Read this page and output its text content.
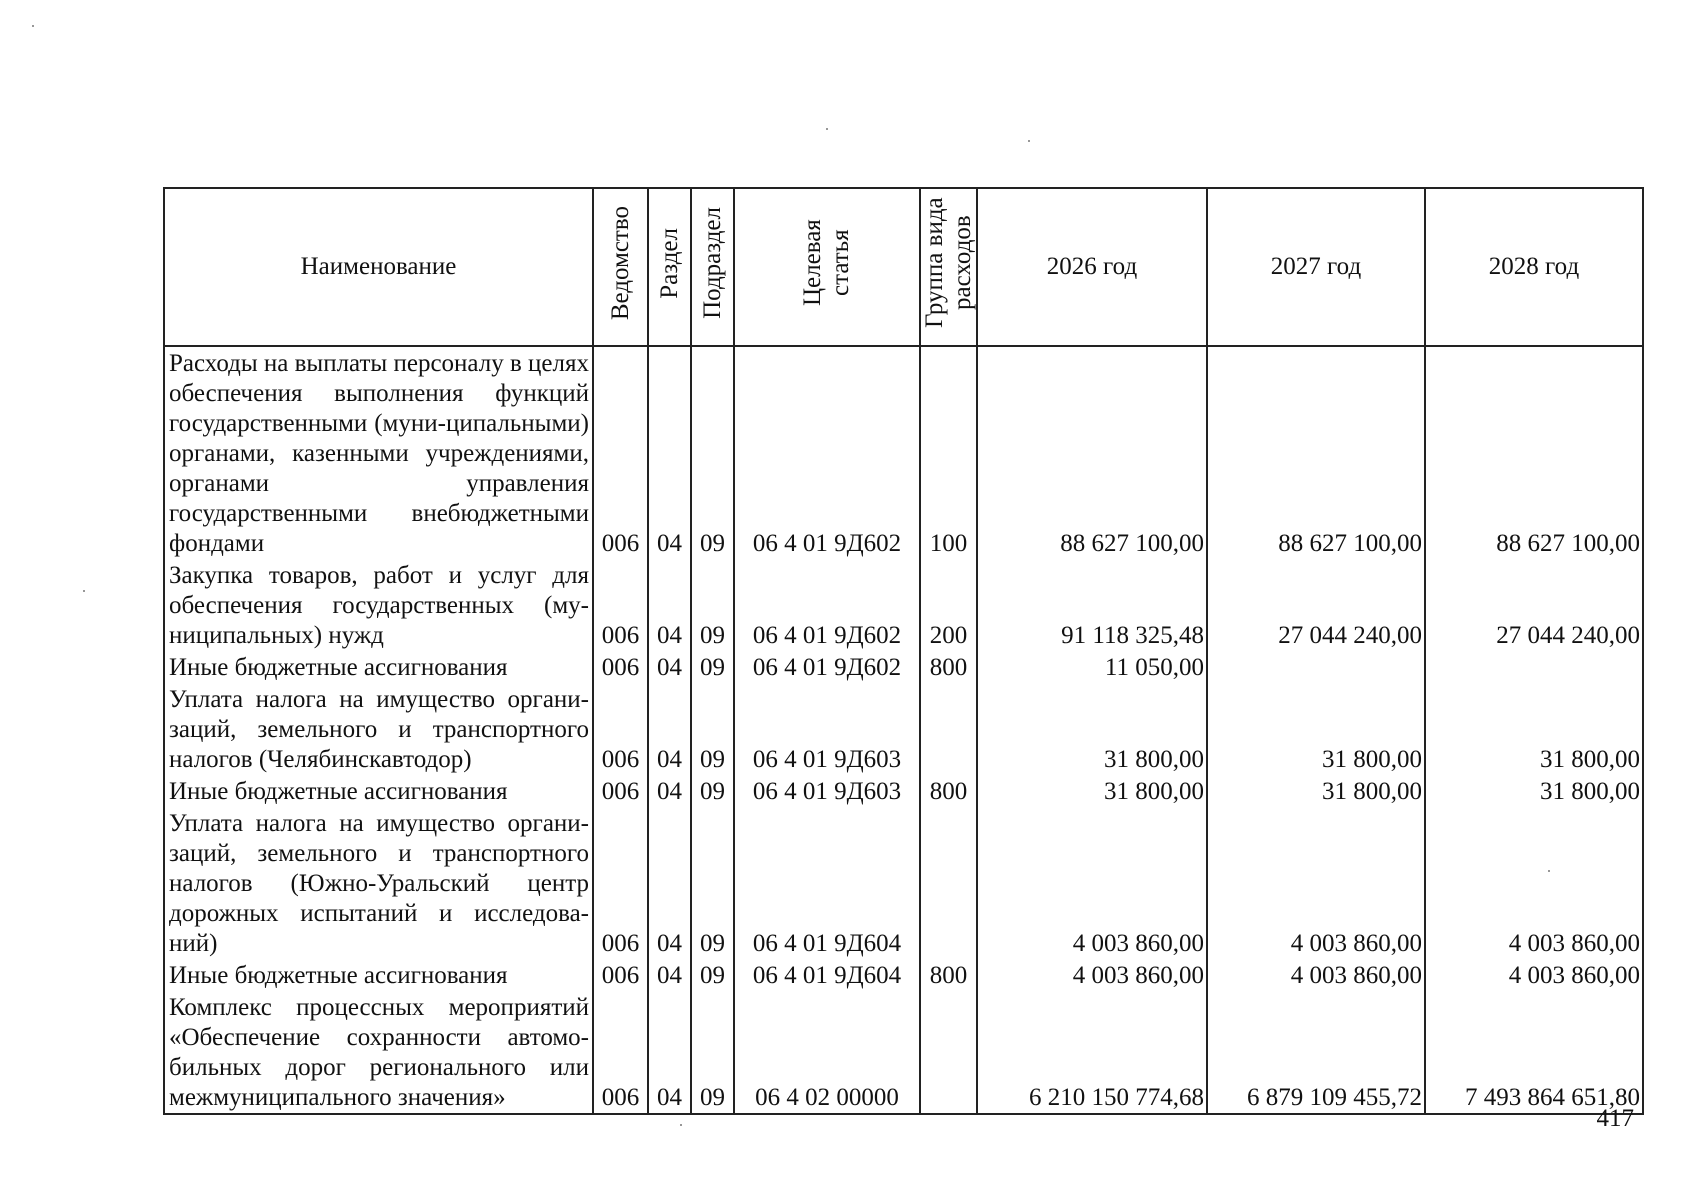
Наименование	Ведомство	Раздел	Подраздел	Целевая статья	Группа вида расходов	2026 год	2027 год	2028 год
Расходы на выплаты персоналу в целях обеспечения выполнения функций государственными (муни-ципальными) органами, казенными учреждениями, органами управления государственными внебюджетными фондами	006	04	09	06 4 01 9Д602	100	88 627 100,00	88 627 100,00	88 627 100,00
Закупка товаров, работ и услуг для обеспечения государственных (му-ниципальных) нужд	006	04	09	06 4 01 9Д602	200	91 118 325,48	27 044 240,00	27 044 240,00
Иные бюджетные ассигнования	006	04	09	06 4 01 9Д602	800	11 050,00		
Уплата налога на имущество органи-заций, земельного и транспортного налогов (Челябинскавтодор)	006	04	09	06 4 01 9Д603		31 800,00	31 800,00	31 800,00
Иные бюджетные ассигнования	006	04	09	06 4 01 9Д603	800	31 800,00	31 800,00	31 800,00
Уплата налога на имущество органи-заций, земельного и транспортного налогов (Южно-Уральский центр дорожных испытаний и исследова-ний)	006	04	09	06 4 01 9Д604		4 003 860,00	4 003 860,00	4 003 860,00
Иные бюджетные ассигнования	006	04	09	06 4 01 9Д604	800	4 003 860,00	4 003 860,00	4 003 860,00
Комплекс процессных мероприятий «Обеспечение сохранности автомо-бильных дорог регионального или межмуниципального значения»	006	04	09	06 4 02 00000		6 210 150 774,68	6 879 109 455,72	7 493 864 651,80
417
